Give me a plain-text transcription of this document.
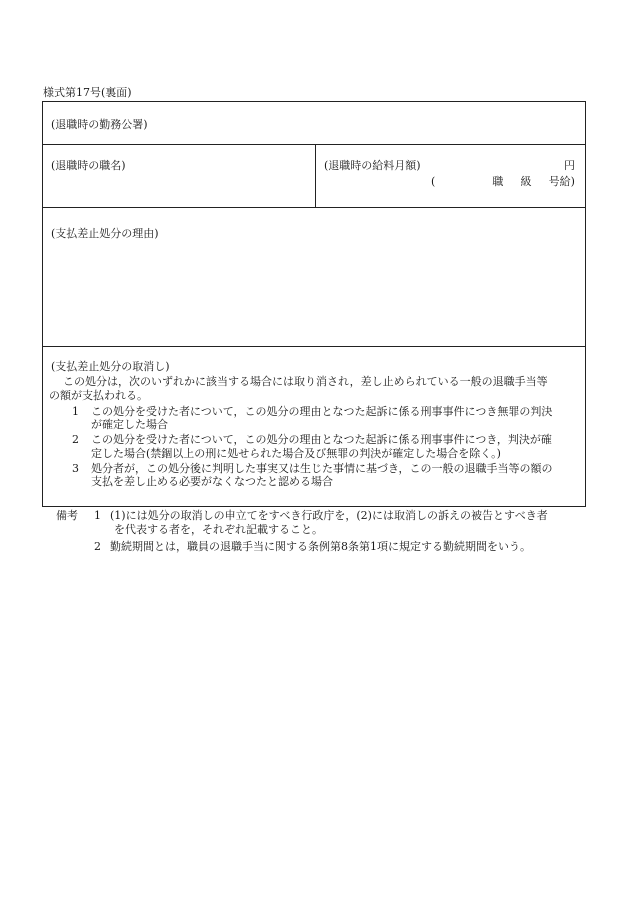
様式第17号(裏面)
(退職時の勤務公署)
(退職時の職名)	(退職時の給料月額)	円
(	職 級 号給)
(支払差止処分の理由)
(支払差止処分の取消し)

この処分は，次のいずれかに該当する場合には取り消され，差し止められている一般の退職手当等
の額が支払われる。

1	この処分を受けた者について，この処分の理由となつた起訴に係る刑事事件につき無罪の判決
が確定した場合
2	この処分を受けた者について，この処分の理由となつた起訴に係る刑事事件につき，判決が確
定した場合(禁錮以上の刑に処せられた場合及び無罪の判決が確定した場合を除く。)
3	処分者が，この処分後に判明した事実又は生じた事情に基づき，この一般の退職手当等の額の
支払を差し止める必要がなくなつたと認める場合
備考	1 (1)には処分の取消しの申立てをすべき行政庁を，(2)には取消しの訴えの被告とすべき者
を代表する者を，それぞれ記載すること。
2 勤続期間とは，職員の退職手当に関する条例第8条第1項に規定する勤続期間をいう。
